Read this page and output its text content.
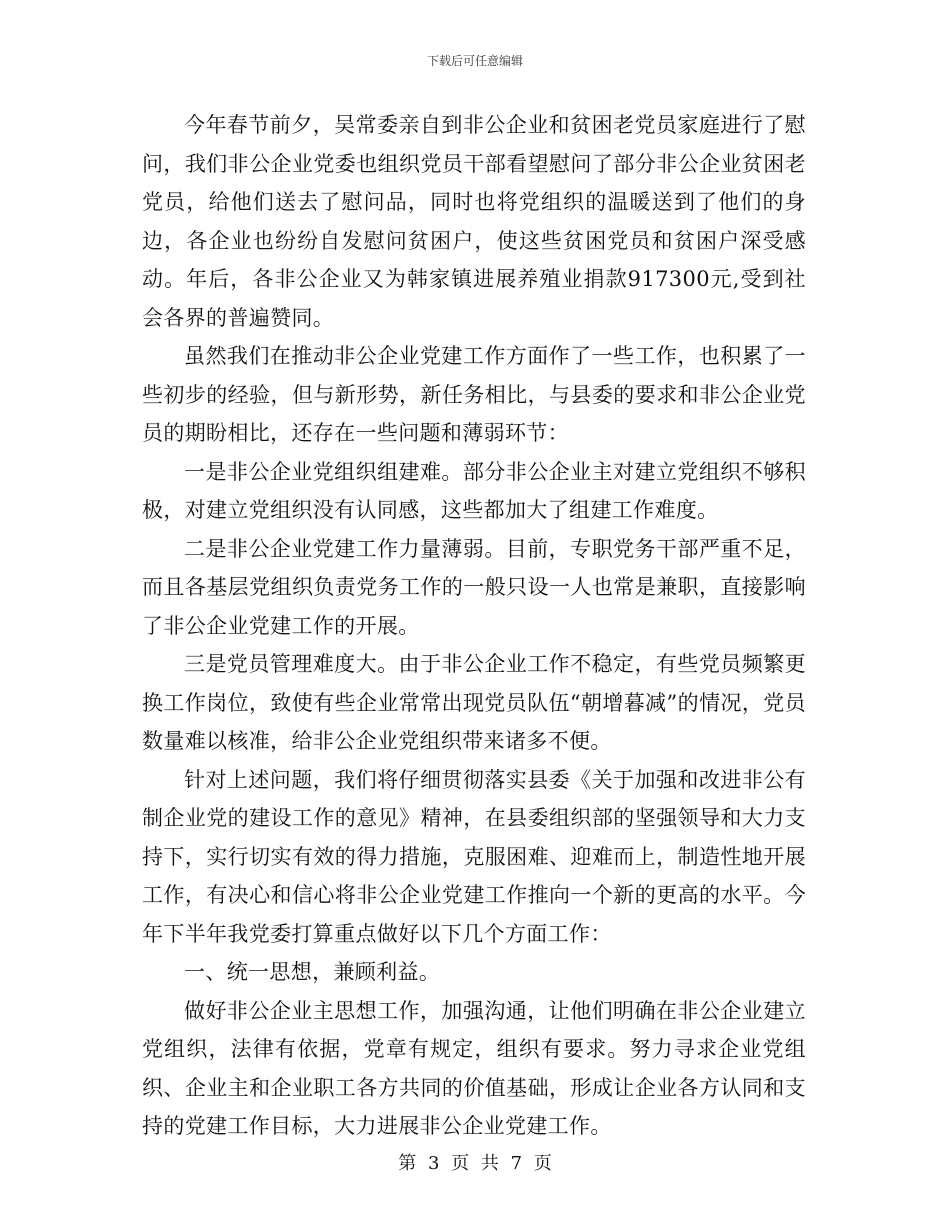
下载后可任意编辑

今年春节前夕，吴常委亲自到非公企业和贫困老党员家庭进行了慰问，我们非公企业党委也组织党员干部看望慰问了部分非公企业贫困老党员，给他们送去了慰问品，同时也将党组织的温暖送到了他们的身边，各企业也纷纷自发慰问贫困户，使这些贫困党员和贫困户深受感动。年后，各非公企业又为韩家镇进展养殖业捐款917300元,受到社会各界的普遍赞同。

虽然我们在推动非公企业党建工作方面作了一些工作，也积累了一些初步的经验，但与新形势，新任务相比，与县委的要求和非公企业党员的期盼相比，还存在一些问题和薄弱环节：

一是非公企业党组织组建难。部分非公企业主对建立党组织不够积极，对建立党组织没有认同感，这些都加大了组建工作难度。

二是非公企业党建工作力量薄弱。目前，专职党务干部严重不足，而且各基层党组织负责党务工作的一般只设一人也常是兼职，直接影响了非公企业党建工作的开展。

三是党员管理难度大。由于非公企业工作不稳定，有些党员频繁更换工作岗位，致使有些企业常常出现党员队伍“朝增暮减”的情况，党员数量难以核准，给非公企业党组织带来诸多不便。

针对上述问题，我们将仔细贯彻落实县委《关于加强和改进非公有制企业党的建设工作的意见》精神，在县委组织部的坚强领导和大力支持下，实行切实有效的得力措施，克服困难、迎难而上，制造性地开展工作，有决心和信心将非公企业党建工作推向一个新的更高的水平。今年下半年我党委打算重点做好以下几个方面工作：

一、统一思想，兼顾利益。

做好非公企业主思想工作，加强沟通，让他们明确在非公企业建立党组织，法律有依据，党章有规定，组织有要求。努力寻求企业党组织、企业主和企业职工各方共同的价值基础，形成让企业各方认同和支持的党建工作目标，大力进展非公企业党建工作。

第 3 页 共 7 页
